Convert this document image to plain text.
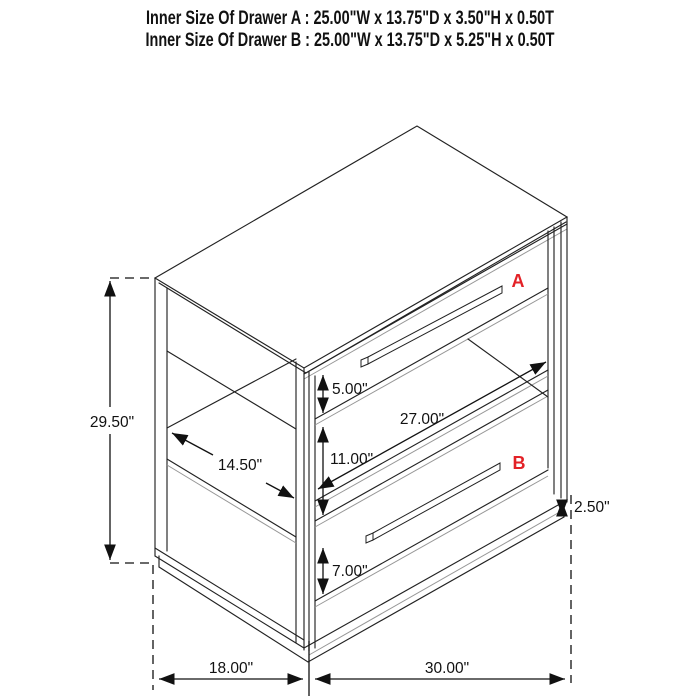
Inner Size Of Drawer A : 25.00"W x 13.75"D x 3.50"H x 0.50T
Inner Size Of Drawer B : 25.00"W x 13.75"D x 5.25"H x 0.50T
29.50"
14.50"
5.00"
27.00"
11.00"
7.00"
2.50"
18.00"	30.00"
A
B
